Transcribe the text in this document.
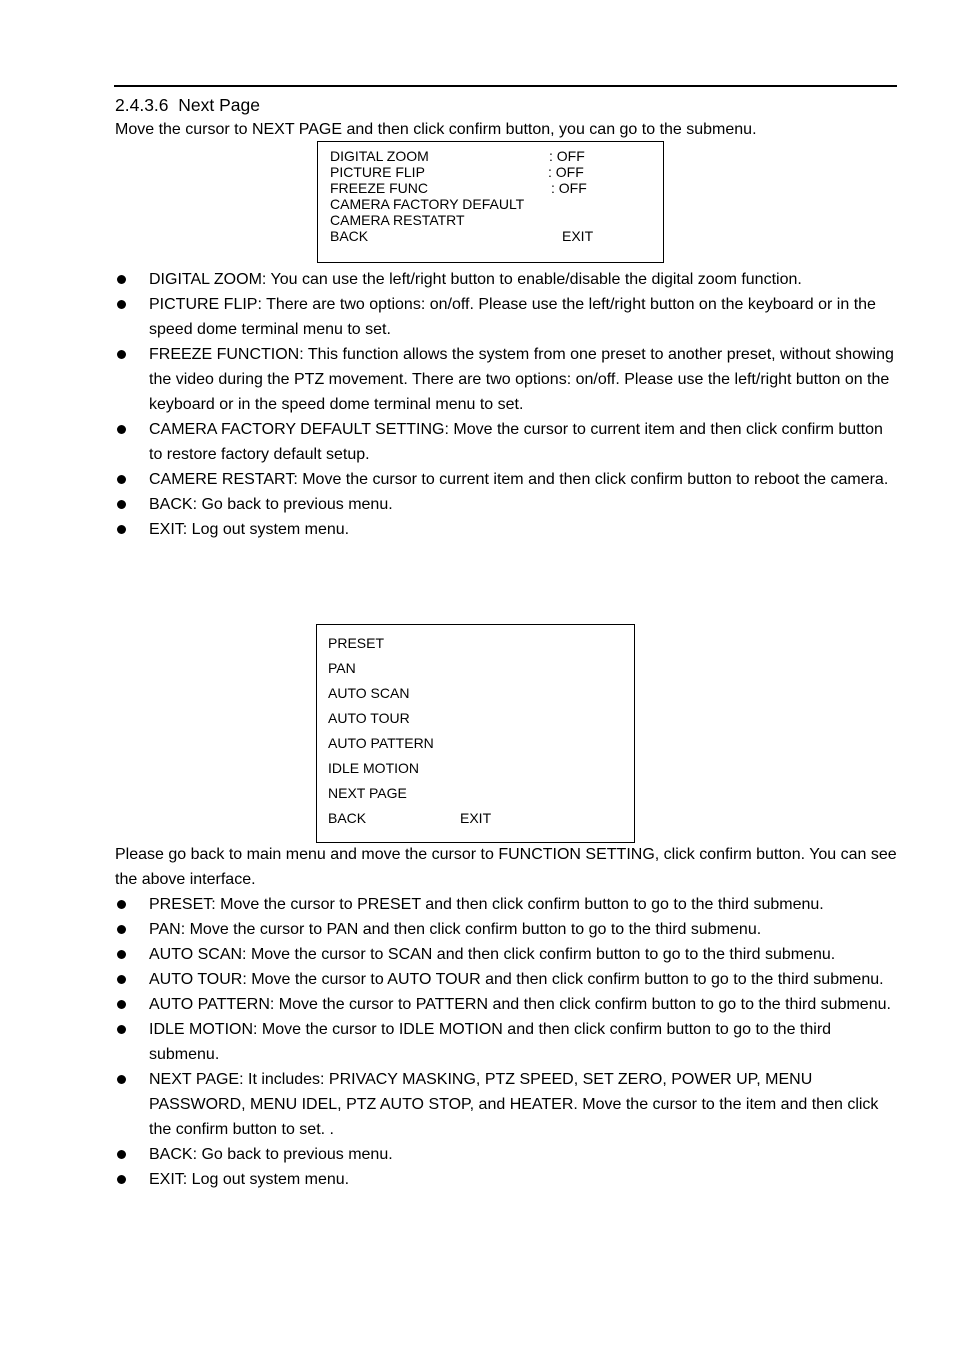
2.4.3.6 Next Page
Move the cursor to NEXT PAGE and then click confirm button, you can go to the submenu.
DIGITAL ZOOM	: OFF
PICTURE FLIP	: OFF
FREEZE FUNC	: OFF
CAMERA FACTORY DEFAULT
CAMERA RESTATRT
BACK	EXIT
DIGITAL ZOOM: You can use the left/right button to enable/disable the digital zoom function.
PICTURE FLIP: There are two options: on/off. Please use the left/right button on the keyboard or in the speed dome terminal menu to set.
FREEZE FUNCTION: This function allows the system from one preset to another preset, without showing the video during the PTZ movement. There are two options: on/off. Please use the left/right button on the keyboard or in the speed dome terminal menu to set.
CAMERA FACTORY DEFAULT SETTING: Move the cursor to current item and then click confirm button to restore factory default setup.
CAMERE RESTART: Move the cursor to current item and then click confirm button to reboot the camera.
BACK: Go back to previous menu.
EXIT: Log out system menu.
PRESET
PAN
AUTO SCAN
AUTO TOUR
AUTO PATTERN
IDLE MOTION
NEXT PAGE
BACK	EXIT
Please go back to main menu and move the cursor to FUNCTION SETTING, click confirm button. You can see the above interface.
PRESET: Move the cursor to PRESET and then click confirm button to go to the third submenu.
PAN: Move the cursor to PAN and then click confirm button to go to the third submenu.
AUTO SCAN: Move the cursor to SCAN and then click confirm button to go to the third submenu.
AUTO TOUR: Move the cursor to AUTO TOUR and then click confirm button to go to the third submenu.
AUTO PATTERN: Move the cursor to PATTERN and then click confirm button to go to the third submenu.
IDLE MOTION: Move the cursor to IDLE MOTION and then click confirm button to go to the third submenu.
NEXT PAGE: It includes: PRIVACY MASKING, PTZ SPEED, SET ZERO, POWER UP, MENU PASSWORD, MENU IDEL, PTZ AUTO STOP, and HEATER. Move the cursor to the item and then click the confirm button to set. .
BACK: Go back to previous menu.
EXIT: Log out system menu.
